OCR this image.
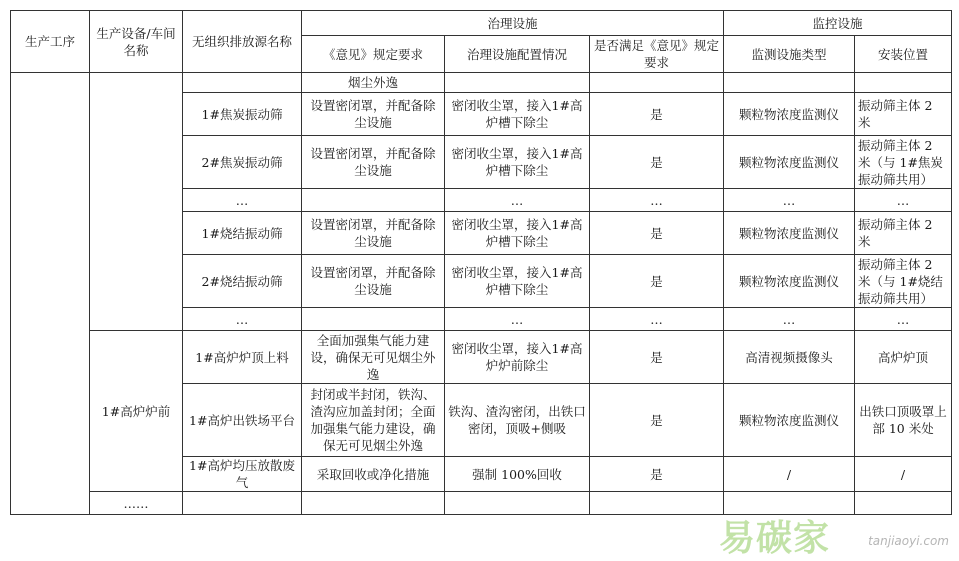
生产工序	生产设备/车间名称	无组织排放源名称	治理设施			监控设施	
			《意见》规定要求	治理设施配置情况	是否满足《意见》规定要求	监测设施类型	安装位置
			烟尘外逸				
		1#焦炭振动筛	设置密闭罩，并配备除尘设施	密闭收尘罩，接入1#高炉槽下除尘	是	颗粒物浓度监测仪	振动筛主体 2 米
		2#焦炭振动筛	设置密闭罩，并配备除尘设施	密闭收尘罩，接入1#高炉槽下除尘	是	颗粒物浓度监测仪	振动筛主体 2 米（与 1#焦炭振动筛共用）
		…		…	…	…	…
		1#烧结振动筛	设置密闭罩，并配备除尘设施	密闭收尘罩，接入1#高炉槽下除尘	是	颗粒物浓度监测仪	振动筛主体 2 米
		2#烧结振动筛	设置密闭罩，并配备除尘设施	密闭收尘罩，接入1#高炉槽下除尘	是	颗粒物浓度监测仪	振动筛主体 2 米（与 1#烧结振动筛共用）
		…		…	…	…	…
	1#高炉炉前	1#高炉炉顶上料	全面加强集气能力建设，确保无可见烟尘外逸	密闭收尘罩，接入1#高炉炉前除尘	是	高清视频摄像头	高炉炉顶
		1#高炉出铁场平台	封闭或半封闭，铁沟、渣沟应加盖封闭；全面加强集气能力建设，确保无可见烟尘外逸	铁沟、渣沟密闭，出铁口密闭，顶吸+侧吸	是	颗粒物浓度监测仪	出铁口顶吸罩上部 10 米处
		1#高炉均压放散废气	采取回收或净化措施	强制 100%回收	是	/	/
	……						
易碳家	tanjiaoyi.com
